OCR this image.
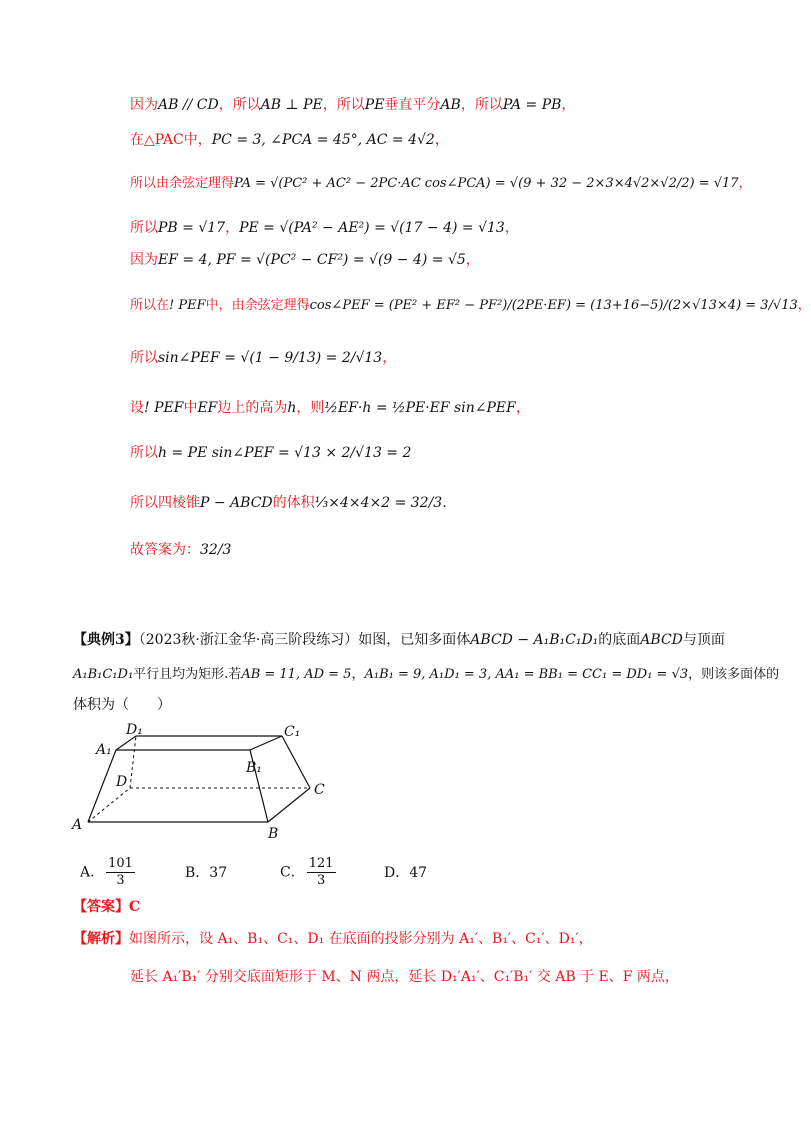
因为AB // CD，所以AB ⊥ PE，所以PE垂直平分AB，所以PA = PB，
在△PAC中，PC = 3, ∠PCA = 45°, AC = 4√2，
所以由余弦定理得PA = √(PC² + AC² − 2PC·AC cos∠PCA) = √(9 + 32 − 2×3×4√2×√2/2) = √17，
所以PB = √17，PE = √(PA² − AE²) = √(17 − 4) = √13，
因为EF = 4, PF = √(PC² − CF²) = √(9 − 4) = √5，
所以在! PEF中，由余弦定理得cos∠PEF = (PE² + EF² − PF²)/(2PE·EF) = (13+16−5)/(2×√13×4) = 3/√13，
所以sin∠PEF = √(1 − 9/13) = 2/√13，
设! PEF中EF边上的高为h，则½EF·h = ½PE·EF sin∠PEF，
所以h = PE sin∠PEF = √13 × 2/√13 = 2
所以四棱锥P − ABCD的体积⅓×4×4×2 = 32/3.
故答案为：32/3
【典例3】（2023秋·浙江金华·高三阶段练习）如图，已知多面体ABCD − A₁B₁C₁D₁的底面ABCD与顶面
A₁B₁C₁D₁平行且均为矩形.若AB = 11, AD = 5，A₁B₁ = 9, A₁D₁ = 3, AA₁ = BB₁ = CC₁ = DD₁ = √3，则该多面体的
体积为（　　）
A
B
C
D
A₁
B₁
C₁
D₁
A． $\frac{101}{3}$	B．37	C． $\frac{121}{3}$	D．47
【答案】C
【解析】如图所示，设 A₁、B₁、C₁、D₁ 在底面的投影分别为 A₁′、B₁′、C₁′、D₁′，
延长 A₁′B₁′ 分别交底面矩形于 M、N 两点，延长 D₁′A₁′、C₁′B₁′ 交 AB 于 E、F 两点，
